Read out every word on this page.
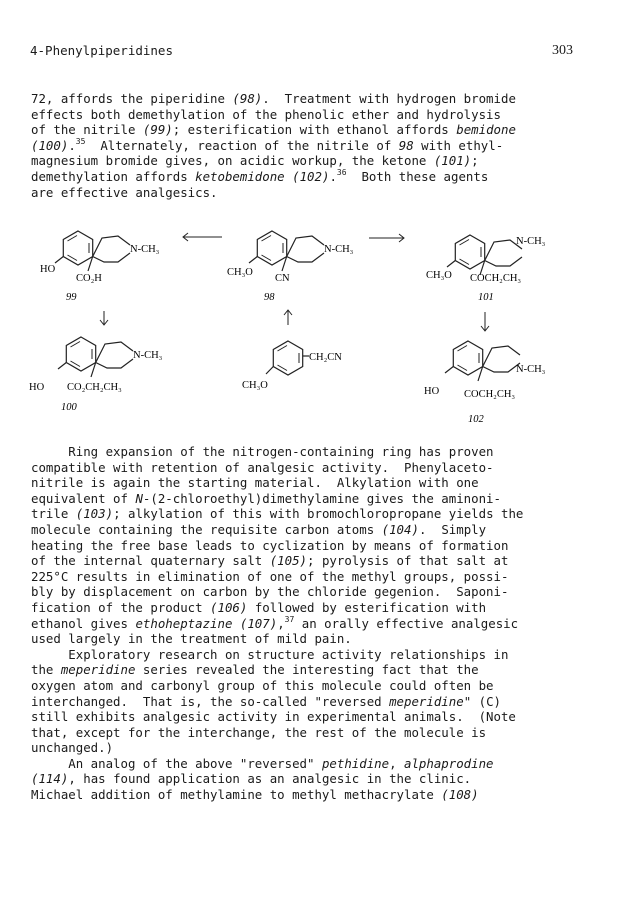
4-Phenylpiperidines	303
72, affords the piperidine (98).  Treatment with hydrogen bromide
effects both demethylation of the phenolic ether and hydrolysis
of the nitrile (99); esterification with ethanol affords bemidone
(100).$^{35}$  Alternately, reaction of the nitrile of 98 with ethyl-
magnesium bromide gives, on acidic workup, the ketone (101);
demethylation affords ketobemidone (102).$^{36}$  Both these agents
are effective analgesics.
N-CH₃
HO
CO₂H
99
N-CH₃
CH₃O
CN
98
N-CH₃
CH₃O COCH₂CH₃
101
N-CH₃
HO CO₂CH₂CH₃
100
CH₂CN
CH₃O
N-CH₃
HO COCH₂CH₃
102
Ring expansion of the nitrogen-containing ring has proven
compatible with retention of analgesic activity.  Phenylaceto-
nitrile is again the starting material.  Alkylation with one
equivalent of N-(2-chloroethyl)dimethylamine gives the aminoni-
trile (103); alkylation of this with bromochloropropane yields the
molecule containing the requisite carbon atoms (104).  Simply
heating the free base leads to cyclization by means of formation
of the internal quaternary salt (105); pyrolysis of that salt at
225°C results in elimination of one of the methyl groups, possi-
bly by displacement on carbon by the chloride gegenion.  Saponi-
fication of the product (106) followed by esterification with
ethanol gives ethoheptazine (107),$^{37}$ an orally effective analgesic
used largely in the treatment of mild pain.
Exploratory research on structure activity relationships in
the meperidine series revealed the interesting fact that the
oxygen atom and carbonyl group of this molecule could often be
interchanged.  That is, the so-called "reversed meperidine" (C)
still exhibits analgesic activity in experimental animals.  (Note
that, except for the interchange, the rest of the molecule is
unchanged.)
An analog of the above "reversed" pethidine, alphaprodine
(114), has found application as an analgesic in the clinic.
Michael addition of methylamine to methyl methacrylate (108)
